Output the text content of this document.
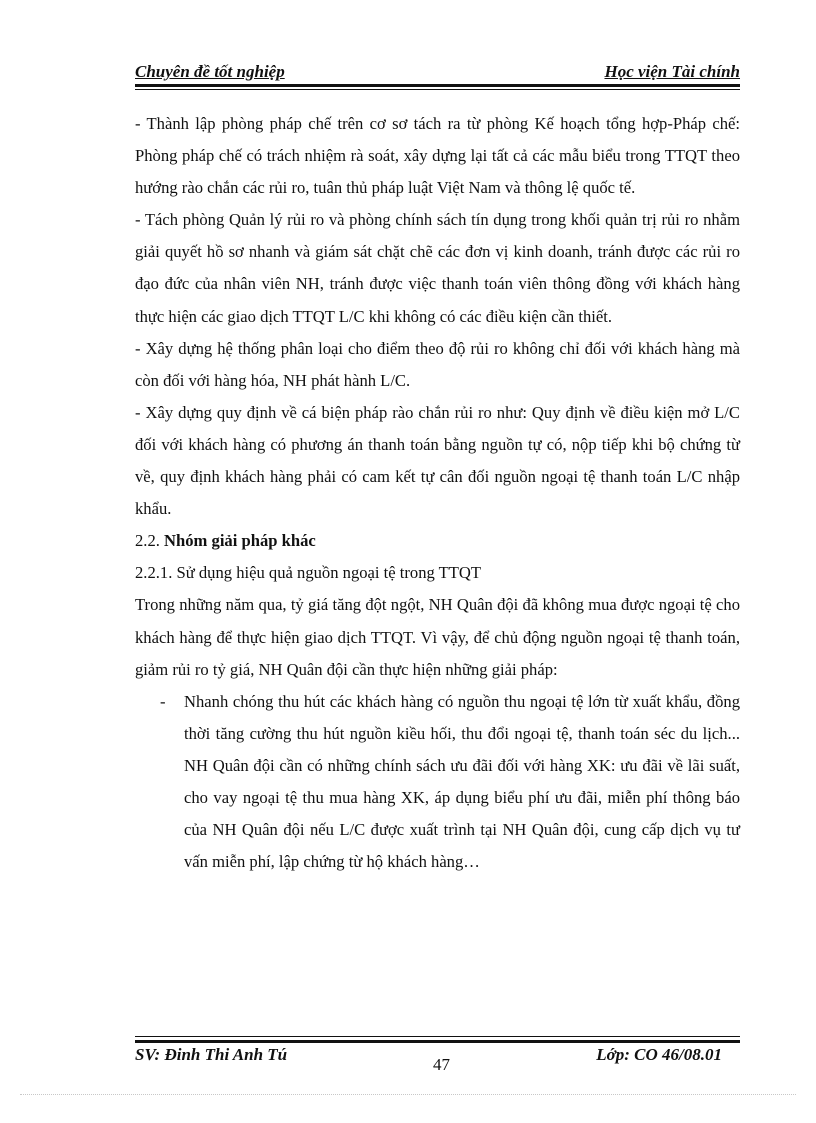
Chuyên đề tốt nghiệp	Học viện Tài chính

- Thành lập phòng pháp chế trên cơ sơ tách ra từ phòng Kế hoạch tổng hợp-Pháp chế: Phòng pháp chế có trách nhiệm rà soát, xây dựng lại tất cả các mẫu biểu trong TTQT theo hướng rào chắn các rủi ro, tuân thủ pháp luật Việt Nam và thông lệ quốc tế.

- Tách phòng Quản lý rủi ro và phòng chính sách tín dụng trong khối quản trị rủi ro nhằm giải quyết hồ sơ nhanh và giám sát chặt chẽ các đơn vị kinh doanh, tránh được các rủi ro đạo đức của nhân viên NH, tránh được việc thanh toán viên thông đồng với khách hàng thực hiện các giao dịch TTQT L/C khi không có các điều kiện cần thiết.

- Xây dựng hệ thống phân loại cho điểm theo độ rủi ro không chỉ đối với khách hàng mà còn đối với hàng hóa, NH phát hành L/C.

- Xây dựng quy định về cá biện pháp rào chắn rủi ro như: Quy định về điều kiện mở L/C đối với khách hàng có phương án thanh toán bằng nguồn tự có, nộp tiếp khi bộ chứng từ về, quy định khách hàng phải có cam kết tự cân đối nguồn ngoại tệ thanh toán L/C nhập khẩu.

2.2. Nhóm giải pháp khác

2.2.1. Sử dụng hiệu quả nguồn ngoại tệ trong TTQT

Trong những năm qua, tỷ giá tăng đột ngột, NH Quân đội đã không mua được ngoại tệ cho khách hàng để thực hiện giao dịch TTQT. Vì vậy, để chủ động nguồn ngoại tệ thanh toán, giảm rủi ro tỷ giá, NH Quân đội cần thực hiện những giải pháp:

- Nhanh chóng thu hút các khách hàng có nguồn thu ngoại tệ lớn từ xuất khẩu, đồng thời tăng cường thu hút nguồn kiều hối, thu đổi ngoại tệ, thanh toán séc du lịch... NH Quân đội cần có những chính sách ưu đãi đối với hàng XK: ưu đãi về lãi suất, cho vay ngoại tệ thu mua hàng XK, áp dụng biểu phí ưu đãi, miễn phí thông báo của NH Quân đội nếu L/C được xuất trình tại NH Quân đội, cung cấp dịch vụ tư vấn miễn phí, lập chứng từ hộ khách hàng…
SV: Đinh Thi Anh Tú
47
Lớp: CO 46/08.01
